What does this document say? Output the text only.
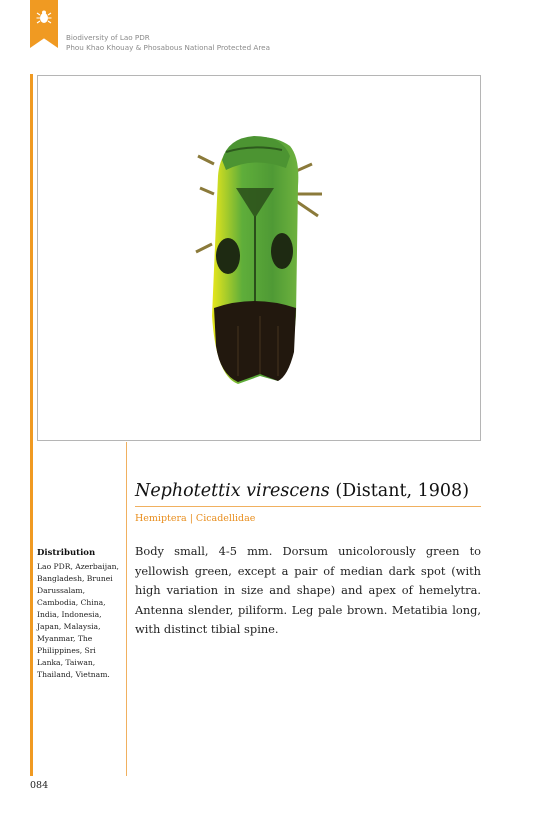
Biodiversity of Lao PDR
Phou Khao Khouay & Phosabous National Protected Area
Nephotettix virescens (Distant, 1908)
Hemiptera | Cicadellidae
Distribution
Lao PDR, Azerbaijan, Bangladesh, Brunei Darussalam, Cambodia, China, India, Indonesia, Japan, Malaysia, Myanmar, The Philippines, Sri Lanka, Taiwan, Thailand, Vietnam.
Body small, 4-5 mm. Dorsum unicolorously green to yellowish green, except a pair of median dark spot (with high variation in size and shape) and apex of hemelytra. Antenna slender, piliform. Leg pale brown. Metatibia long, with distinct tibial spine.
084
